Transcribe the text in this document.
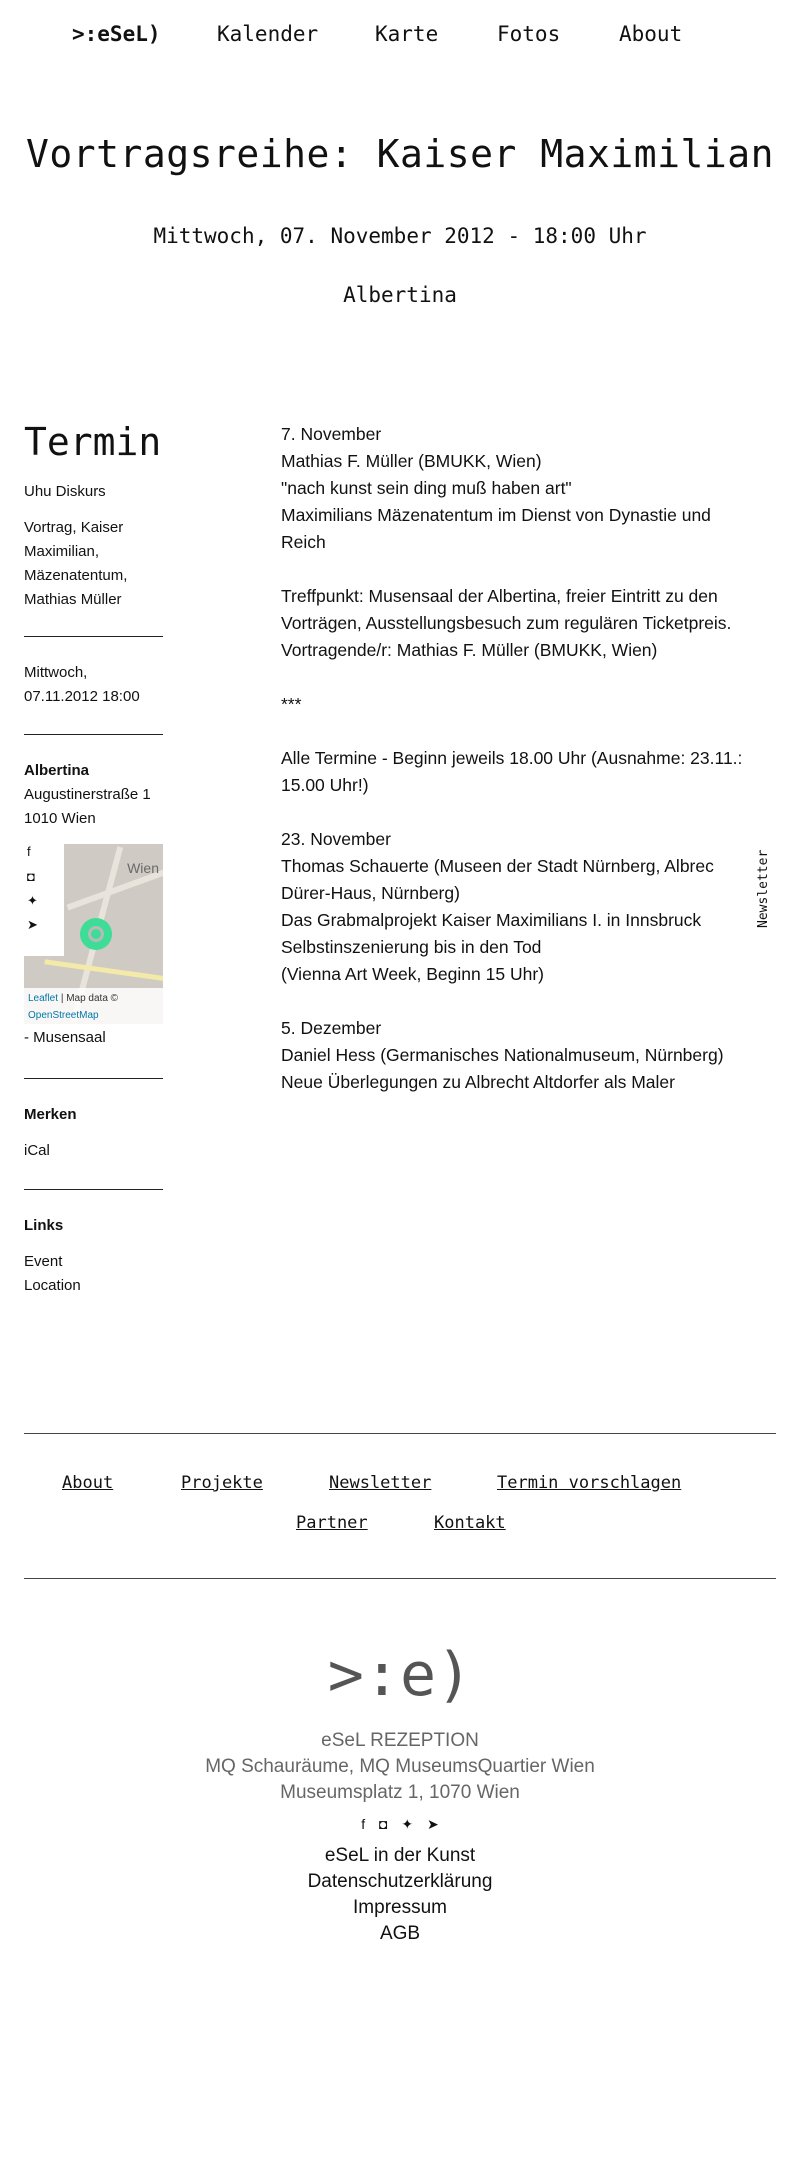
>:eSeL)	Kalender	Karte	Fotos	About
Vortragsreihe: Kaiser Maximilian
Mittwoch, 07. November 2012 - 18:00 Uhr
Albertina
Termin
Uhu Diskurs
Vortrag, Kaiser
Maximilian,
Mäzenatentum,
Mathias Müller
Mittwoch,
07.11.2012 18:00
Albertina
Augustinerstraße 1
1010 Wien
f
◘
✦
➤
Wien
Leaflet | Map data ©
OpenStreetMap
- Musensaal
Merken
iCal
Links
Event
Location

7. November

Mathias F. Müller (BMUKK, Wien)

"nach kunst sein ding muß haben art"

Maximilians Mäzenatentum im Dienst von Dynastie und

Reich

Treffpunkt: Musensaal der Albertina, freier Eintritt zu den

Vorträgen, Ausstellungsbesuch zum regulären Ticketpreis.

Vortragende/r: Mathias F. Müller (BMUKK, Wien)

***

Alle Termine - Beginn jeweils 18.00 Uhr (Ausnahme: 23.11.:

15.00 Uhr!)

23. November

Thomas Schauerte (Museen der Stadt Nürnberg, Albrec

Dürer-Haus, Nürnberg)

Das Grabmalprojekt Kaiser Maximilians I. in Innsbruck

Selbstinszenierung bis in den Tod

(Vienna Art Week, Beginn 15 Uhr)

5. Dezember

Daniel Hess (Germanisches Nationalmuseum, Nürnberg)

Neue Überlegungen zu Albrecht Altdorfer als Maler

Newsletter
About	Projekte	Newsletter	Termin vorschlagen
Partner	Kontakt
>:e)
eSeL REZEPTION
MQ Schauräume, MQ MuseumsQuartier Wien
Museumsplatz 1, 1070 Wien
f ◘ ✦ ➤
eSeL in der Kunst
Datenschutzerklärung
Impressum
AGB
